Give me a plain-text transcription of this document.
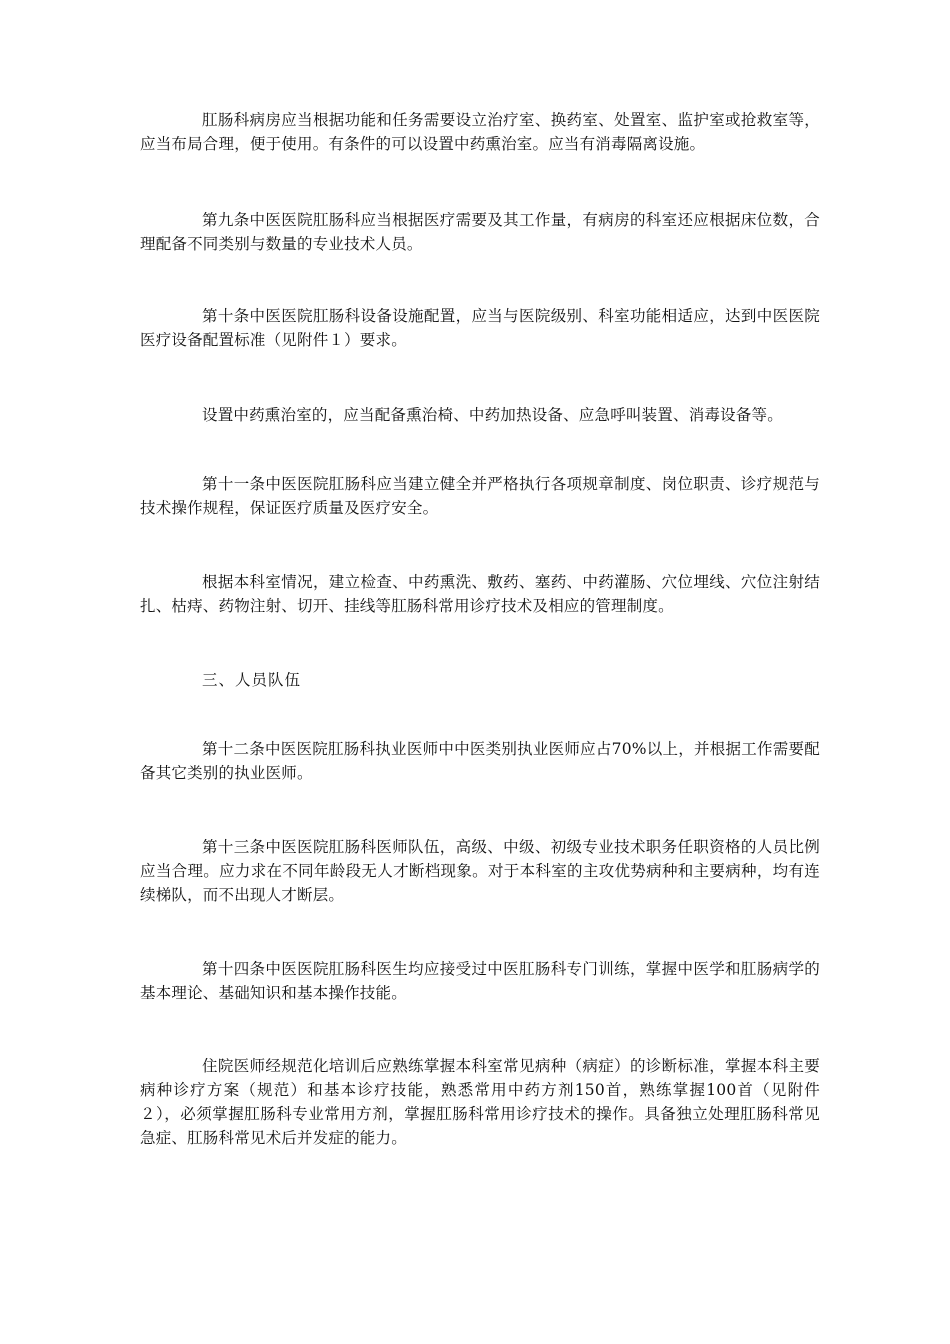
肛肠科病房应当根据功能和任务需要设立治疗室、换药室、处置室、监护室或抢救室等，应当布局合理，便于使用。有条件的可以设置中药熏治室。应当有消毒隔离设施。

第九条中医医院肛肠科应当根据医疗需要及其工作量，有病房的科室还应根据床位数，合理配备不同类别与数量的专业技术人员。

第十条中医医院肛肠科设备设施配置，应当与医院级别、科室功能相适应，达到中医医院医疗设备配置标准（见附件１）要求。

设置中药熏治室的，应当配备熏治椅、中药加热设备、应急呼叫装置、消毒设备等。

第十一条中医医院肛肠科应当建立健全并严格执行各项规章制度、岗位职责、诊疗规范与技术操作规程，保证医疗质量及医疗安全。

根据本科室情况，建立检查、中药熏洗、敷药、塞药、中药灌肠、穴位埋线、穴位注射结扎、枯痔、药物注射、切开、挂线等肛肠科常用诊疗技术及相应的管理制度。

三、人员队伍

第十二条中医医院肛肠科执业医师中中医类别执业医师应占70%以上，并根据工作需要配备其它类别的执业医师。

第十三条中医医院肛肠科医师队伍，高级、中级、初级专业技术职务任职资格的人员比例应当合理。应力求在不同年龄段无人才断档现象。对于本科室的主攻优势病种和主要病种，均有连续梯队，而不出现人才断层。

第十四条中医医院肛肠科医生均应接受过中医肛肠科专门训练，掌握中医学和肛肠病学的基本理论、基础知识和基本操作技能。

住院医师经规范化培训后应熟练掌握本科室常见病种（病症）的诊断标准，掌握本科主要病种诊疗方案（规范）和基本诊疗技能，熟悉常用中药方剂150首，熟练掌握100首（见附件２），必须掌握肛肠科专业常用方剂，掌握肛肠科常用诊疗技术的操作。具备独立处理肛肠科常见急症、肛肠科常见术后并发症的能力。
